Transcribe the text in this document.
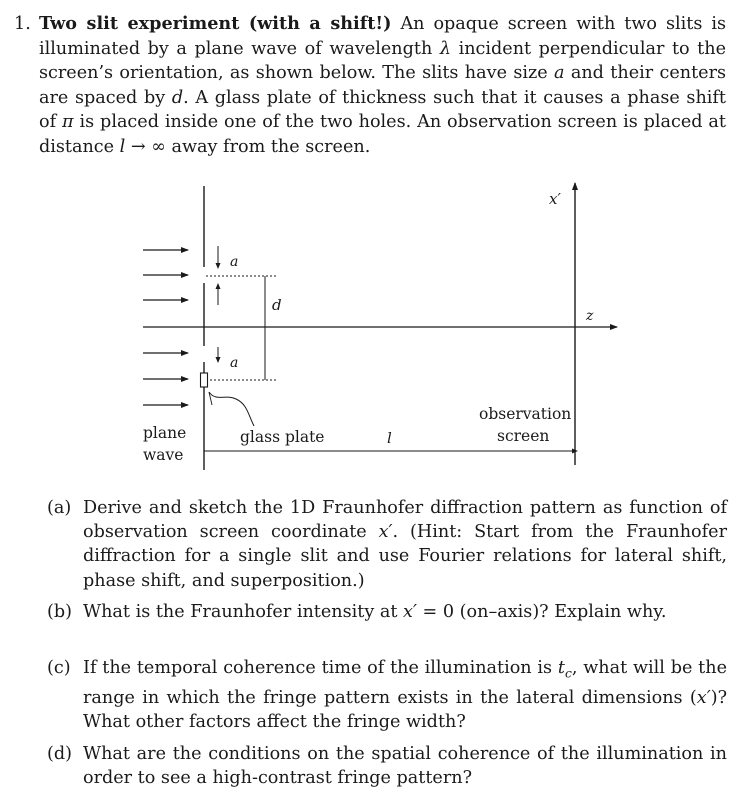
1. Two slit experiment (with a shift!) An opaque screen with two slits is illuminated by a plane wave of wavelength λ incident perpendicular to the screen’s orientation, as shown below. The slits have size a and their centers are spaced by d. A glass plate of thickness such that it causes a phase shift of π is placed inside one of the two holes. An observation screen is placed at distance l → ∞ away from the screen.
a
a
d
x′
z
l
plane
wave
glass plate
observation
screen
(a) Derive and sketch the 1D Fraunhofer diffraction pattern as function of observation screen coordinate x′. (Hint: Start from the Fraunhofer diffraction for a single slit and use Fourier relations for lateral shift, phase shift, and superposition.)
(b) What is the Fraunhofer intensity at x′ = 0 (on–axis)? Explain why.
(c) If the temporal coherence time of the illumination is $t_c$, what will be the range in which the fringe pattern exists in the lateral dimensions (x′)? What other factors affect the fringe width?
(d) What are the conditions on the spatial coherence of the illumination in order to see a high-contrast fringe pattern?
